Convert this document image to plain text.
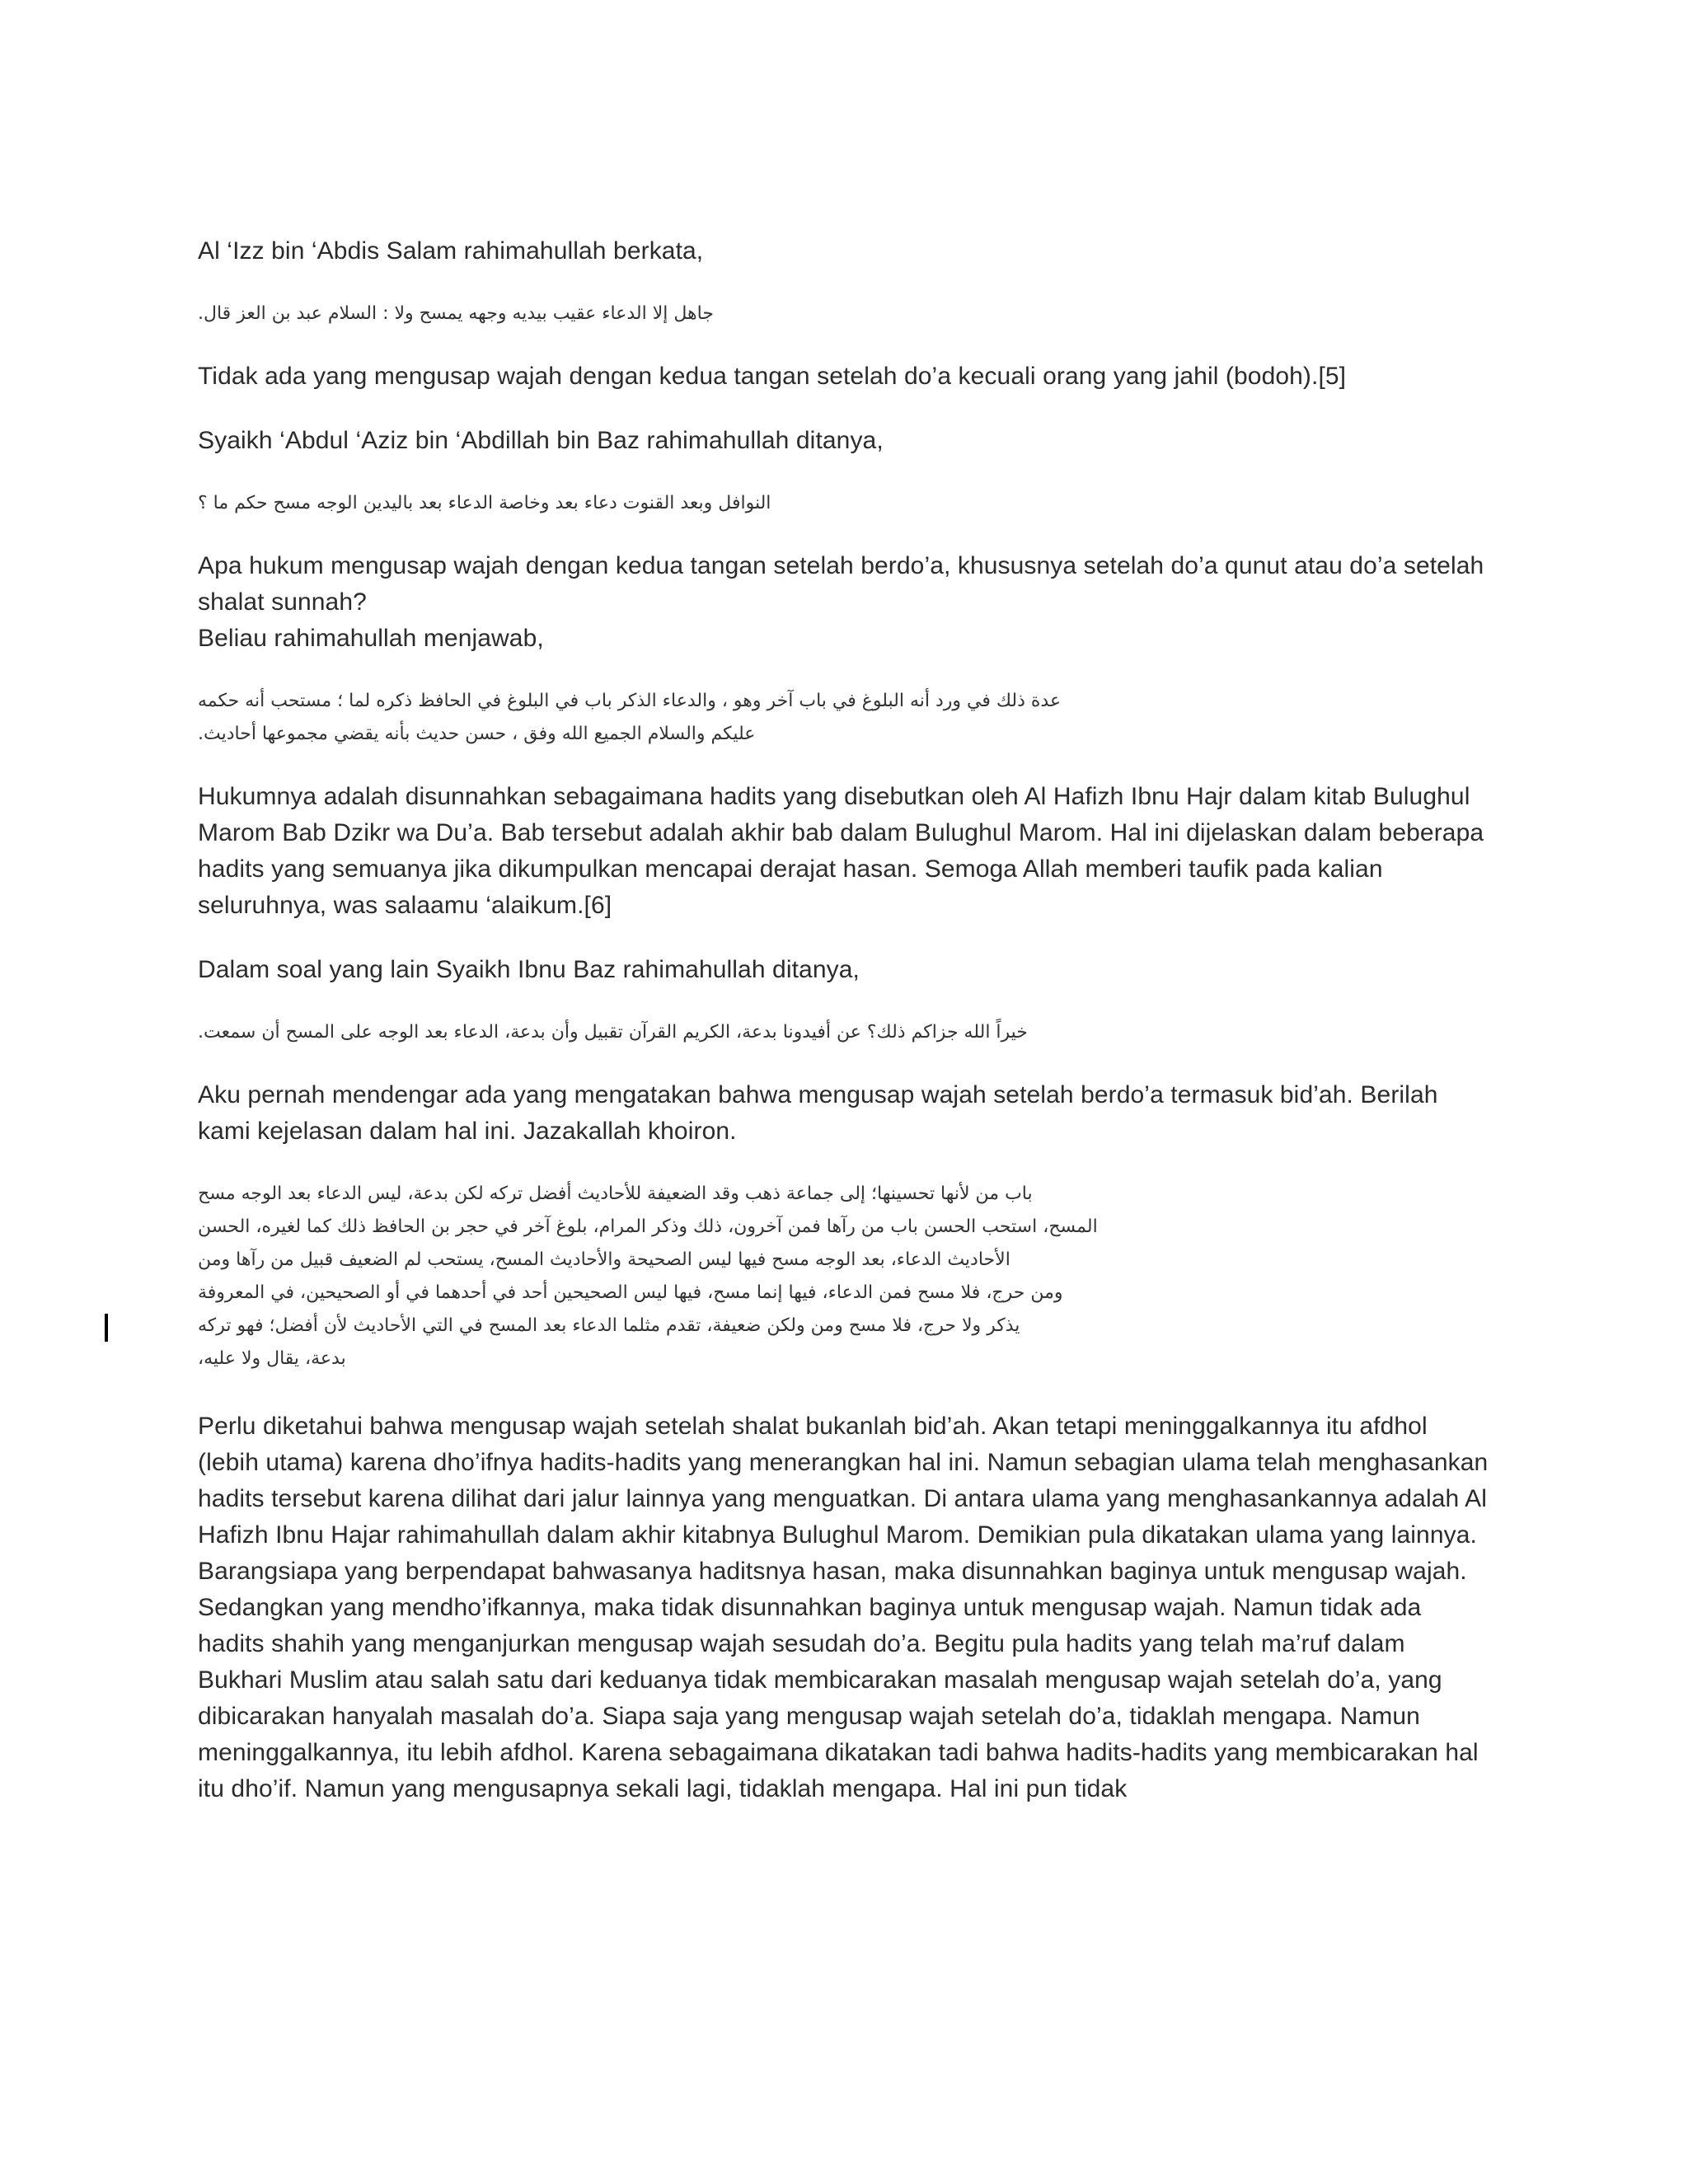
Al ‘Izz bin ‘Abdis Salam rahimahullah berkata,

جاهل إلا الدعاء عقيب بيديه وجهه يمسح ولا : السلام عبد بن العز قال.

Tidak ada yang mengusap wajah dengan kedua tangan setelah do’a kecuali orang yang jahil (bodoh).[5]

Syaikh ‘Abdul ‘Aziz bin ‘Abdillah bin Baz rahimahullah ditanya,

النوافل وبعد القنوت دعاء بعد وخاصة الدعاء بعد باليدين الوجه مسح حكم ما ؟

Apa hukum mengusap wajah dengan kedua tangan setelah berdo’a, khususnya setelah do’a qunut atau do’a setelah shalat sunnah?

Beliau rahimahullah menjawab,

عدة ذلك في ورد أنه البلوغ في باب آخر وهو ، والدعاء الذكر باب في البلوغ في الحافظ ذكره لما ؛ مستحب أنه حكمه
عليكم والسلام الجميع الله وفق ، حسن حديث بأنه يقضي مجموعها أحاديث.

Hukumnya adalah disunnahkan sebagaimana hadits yang disebutkan oleh Al Hafizh Ibnu Hajr dalam kitab Bulughul Marom Bab Dzikr wa Du’a. Bab tersebut adalah akhir bab dalam Bulughul Marom. Hal ini dijelaskan dalam beberapa hadits yang semuanya jika dikumpulkan mencapai derajat hasan. Semoga Allah memberi taufik pada kalian seluruhnya, was salaamu ‘alaikum.[6]

Dalam soal yang lain Syaikh Ibnu Baz rahimahullah ditanya,

خيراً الله جزاكم ذلك؟ عن أفيدونا بدعة، الكريم القرآن تقبيل وأن بدعة، الدعاء بعد الوجه على المسح أن سمعت.

Aku pernah mendengar ada yang mengatakan bahwa mengusap wajah setelah berdo’a termasuk bid’ah. Berilah kami kejelasan dalam hal ini. Jazakallah khoiron.

باب من لأنها تحسينها؛ إلى جماعة ذهب وقد الضعيفة للأحاديث أفضل تركه لكن بدعة، ليس الدعاء بعد الوجه مسح
المسح، استحب الحسن باب من رآها فمن آخرون، ذلك وذكر المرام، بلوغ آخر في حجر بن الحافظ ذلك كما لغيره، الحسن
الأحاديث الدعاء، بعد الوجه مسح فيها ليس الصحيحة والأحاديث المسح، يستحب لم الضعيف قبيل من رآها ومن
ومن حرج، فلا مسح فمن الدعاء، فيها إنما مسح، فيها ليس الصحيحين أحد في أحدهما في أو الصحيحين، في المعروفة
يذكر ولا حرج، فلا مسح ومن ولكن ضعيفة، تقدم مثلما الدعاء بعد المسح في التي الأحاديث لأن أفضل؛ فهو تركه
بدعة، يقال ولا عليه،

Perlu diketahui bahwa mengusap wajah setelah shalat bukanlah bid’ah. Akan tetapi meninggalkannya itu afdhol (lebih utama) karena dho’ifnya hadits-hadits yang menerangkan hal ini. Namun sebagian ulama telah menghasankan hadits tersebut karena dilihat dari jalur lainnya yang menguatkan. Di antara ulama yang menghasankannya adalah Al Hafizh Ibnu Hajar rahimahullah dalam akhir kitabnya Bulughul Marom. Demikian pula dikatakan ulama yang lainnya. Barangsiapa yang berpendapat bahwasanya haditsnya hasan, maka disunnahkan baginya untuk mengusap wajah. Sedangkan yang mendho’ifkannya, maka tidak disunnahkan baginya untuk mengusap wajah. Namun tidak ada hadits shahih yang menganjurkan mengusap wajah sesudah do’a. Begitu pula hadits yang telah ma’ruf dalam Bukhari Muslim atau salah satu dari keduanya tidak membicarakan masalah mengusap wajah setelah do’a, yang dibicarakan hanyalah masalah do’a. Siapa saja yang mengusap wajah setelah do’a, tidaklah mengapa. Namun meninggalkannya, itu lebih afdhol. Karena sebagaimana dikatakan tadi bahwa hadits-hadits yang membicarakan hal itu dho’if. Namun yang mengusapnya sekali lagi, tidaklah mengapa. Hal ini pun tidak
